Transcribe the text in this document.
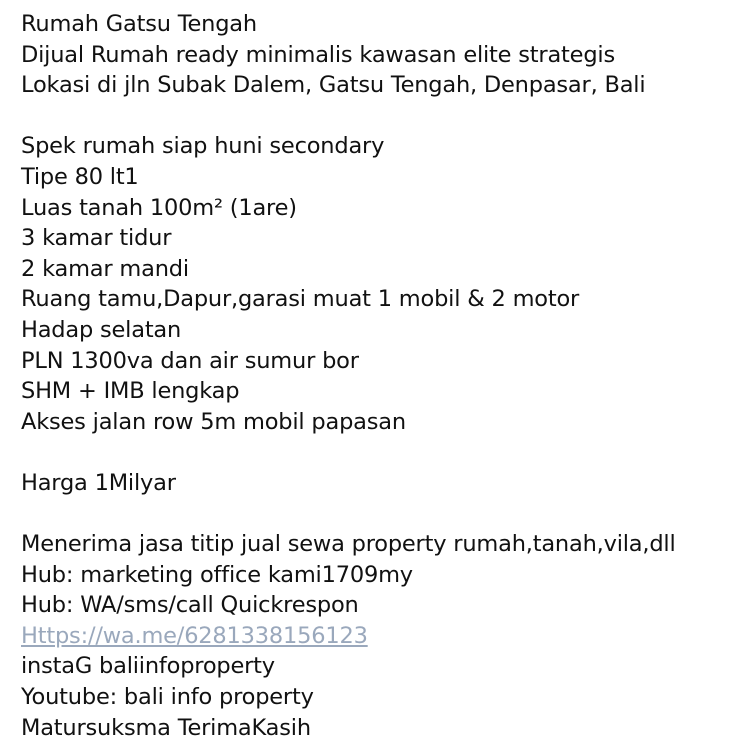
Rumah Gatsu Tengah
Dijual Rumah ready minimalis kawasan elite strategis
Lokasi di jln Subak Dalem, Gatsu Tengah, Denpasar, Bali
Spek rumah siap huni secondary
Tipe 80 lt1
Luas tanah 100m² (1are)
3 kamar tidur
2 kamar mandi
Ruang tamu,Dapur,garasi muat 1 mobil & 2 motor
Hadap selatan
PLN 1300va dan air sumur bor
SHM + IMB lengkap
Akses jalan row 5m mobil papasan
Harga 1Milyar
Menerima jasa titip jual sewa property rumah,tanah,vila,dll
Hub: marketing office kami1709my
Hub: WA/sms/call Quickrespon
Https://wa.me/6281338156123
instaG baliinfoproperty
Youtube: bali info property
Matursuksma TerimaKasih
